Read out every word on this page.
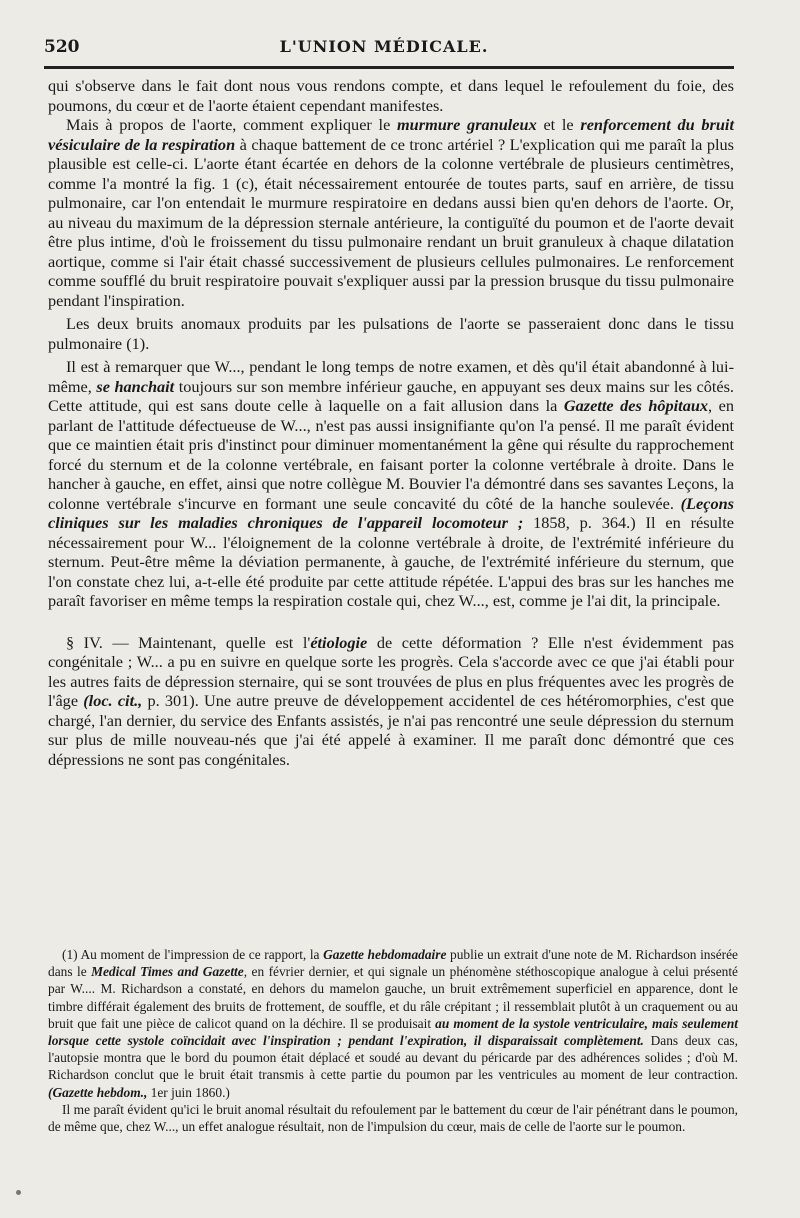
520	L'UNION MÉDICALE.

qui s'observe dans le fait dont nous vous rendons compte, et dans lequel le refoulement du foie, des poumons, du cœur et de l'aorte étaient cependant manifestes.

Mais à propos de l'aorte, comment expliquer le murmure granuleux et le renforcement du bruit vésiculaire de la respiration à chaque battement de ce tronc artériel ? L'explication qui me paraît la plus plausible est celle-ci. L'aorte étant écartée en dehors de la colonne vertébrale de plusieurs centimètres, comme l'a montré la fig. 1 (c), était nécessairement entourée de toutes parts, sauf en arrière, de tissu pulmonaire, car l'on entendait le murmure respiratoire en dedans aussi bien qu'en dehors de l'aorte. Or, au niveau du maximum de la dépression sternale antérieure, la contiguïté du poumon et de l'aorte devait être plus intime, d'où le froissement du tissu pulmonaire rendant un bruit granuleux à chaque dilatation aortique, comme si l'air était chassé successivement de plusieurs cellules pulmonaires. Le renforcement comme soufflé du bruit respiratoire pouvait s'expliquer aussi par la pression brusque du tissu pulmonaire pendant l'inspiration.

Les deux bruits anomaux produits par les pulsations de l'aorte se passeraient donc dans le tissu pulmonaire (1).

Il est à remarquer que W..., pendant le long temps de notre examen, et dès qu'il était abandonné à lui-même, se hanchait toujours sur son membre inférieur gauche, en appuyant ses deux mains sur les côtés. Cette attitude, qui est sans doute celle à laquelle on a fait allusion dans la Gazette des hôpitaux, en parlant de l'attitude défectueuse de W..., n'est pas aussi insignifiante qu'on l'a pensé. Il me paraît évident que ce maintien était pris d'instinct pour diminuer momentanément la gêne qui résulte du rapprochement forcé du sternum et de la colonne vertébrale, en faisant porter la colonne vertébrale à droite. Dans le hancher à gauche, en effet, ainsi que notre collègue M. Bouvier l'a démontré dans ses savantes Leçons, la colonne vertébrale s'incurve en formant une seule concavité du côté de la hanche soulevée. (Leçons cliniques sur les maladies chroniques de l'appareil locomoteur ; 1858, p. 364.) Il en résulte nécessairement pour W... l'éloignement de la colonne vertébrale à droite, de l'extrémité inférieure du sternum. Peut-être même la déviation permanente, à gauche, de l'extrémité inférieure du sternum, que l'on constate chez lui, a-t-elle été produite par cette attitude répétée. L'appui des bras sur les hanches me paraît favoriser en même temps la respiration costale qui, chez W..., est, comme je l'ai dit, la principale.

§ IV. — Maintenant, quelle est l'étiologie de cette déformation ? Elle n'est évidemment pas congénitale ; W... a pu en suivre en quelque sorte les progrès. Cela s'accorde avec ce que j'ai établi pour les autres faits de dépression sternaire, qui se sont trouvées de plus en plus fréquentes avec les progrès de l'âge (loc. cit., p. 301). Une autre preuve de développement accidentel de ces hétéromorphies, c'est que chargé, l'an dernier, du service des Enfants assistés, je n'ai pas rencontré une seule dépression du sternum sur plus de mille nouveau-nés que j'ai été appelé à examiner. Il me paraît donc démontré que ces dépressions ne sont pas congénitales.

(1) Au moment de l'impression de ce rapport, la Gazette hebdomadaire publie un extrait d'une note de M. Richardson insérée dans le Medical Times and Gazette, en février dernier, et qui signale un phénomène stéthoscopique analogue à celui présenté par W.... M. Richardson a constaté, en dehors du mamelon gauche, un bruit extrêmement superficiel en apparence, dont le timbre différait également des bruits de frottement, de souffle, et du râle crépitant ; il ressemblait plutôt à un craquement ou au bruit que fait une pièce de calicot quand on la déchire. Il se produisait au moment de la systole ventriculaire, mais seulement lorsque cette systole coïncidait avec l'inspiration ; pendant l'expiration, il disparaissait complètement. Dans deux cas, l'autopsie montra que le bord du poumon était déplacé et soudé au devant du péricarde par des adhérences solides ; d'où M. Richardson conclut que le bruit était transmis à cette partie du poumon par les ventricules au moment de leur contraction. (Gazette hebdom., 1er juin 1860.)

Il me paraît évident qu'ici le bruit anomal résultait du refoulement par le battement du cœur de l'air pénétrant dans le poumon, de même que, chez W..., un effet analogue résultait, non de l'impulsion du cœur, mais de celle de l'aorte sur le poumon.
